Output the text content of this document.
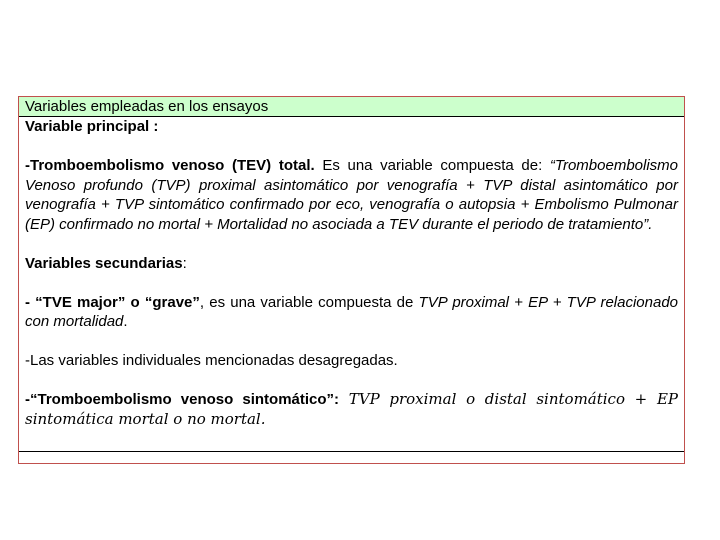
Variables empleadas en los ensayos

Variable principal :

-Tromboembolismo venoso (TEV) total. Es una variable compuesta de: “Tromboembolismo Venoso profundo (TVP) proximal asintomático por venografía + TVP distal asintomático por venografía + TVP sintomático confirmado por eco, venografía o autopsia + Embolismo Pulmonar (EP) confirmado no mortal + Mortalidad no asociada a TEV durante el periodo de tratamiento”.

Variables secundarias:

- “TVE major” o “grave”, es una variable compuesta de TVP proximal + EP + TVP relacionado con mortalidad.

-Las variables individuales mencionadas desagregadas.

-“Tromboembolismo venoso sintomático”: TVP proximal o distal sintomático + EP sintomática mortal o no mortal.
